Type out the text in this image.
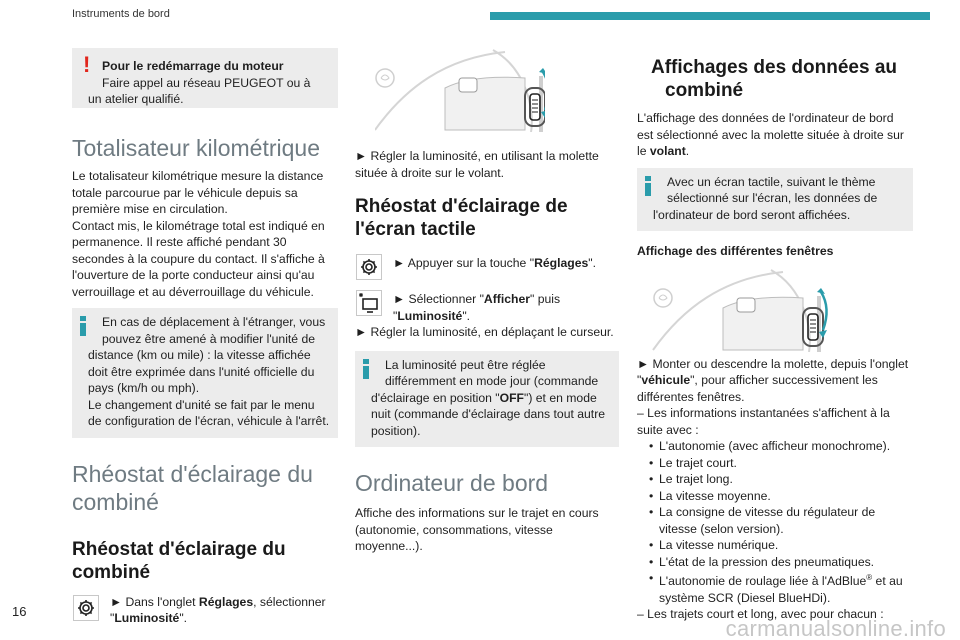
Instruments de bord
! Pour le redémarrage du moteur

Faire appel au réseau PEUGEOT ou à

un atelier qualifié.

Totalisateur kilométrique

Le totalisateur kilométrique mesure la distance totale parcourue par le véhicule depuis sa première mise en circulation.

Contact mis, le kilométrage total est indiqué en permanence. Il reste affiché pendant 30 secondes à la coupure du contact. Il s'affiche à l'ouverture de la porte conducteur ainsi qu'au verrouillage et au déverrouillage du véhicule.

En cas de déplacement à l'étranger, vous pouvez être amené à modifier l'unité de

distance (km ou mile) : la vitesse affichée doit être exprimée dans l'unité officielle du pays (km/h ou mph).

Le changement d'unité se fait par le menu de configuration de l'écran, véhicule à l'arrêt.

Rhéostat d'éclairage du combiné
Rhéostat d'éclairage du combiné

► Dans l'onglet Réglages, sélectionner
"Luminosité".

► Régler la luminosité, en utilisant la molette située à droite sur le volant.

Rhéostat d'éclairage de l'écran tactile

► Appuyer sur la touche "Réglages".

► Sélectionner "Afficher" puis
"Luminosité".

► Régler la luminosité, en déplaçant le curseur.

La luminosité peut être réglée différemment en mode jour (commande

d'éclairage en position "OFF") et en mode nuit (commande d'éclairage dans tout autre position).

Ordinateur de bord

Affiche des informations sur le trajet en cours (autonomie, consommations, vitesse moyenne...).

Affichages des données au combiné

L'affichage des données de l'ordinateur de bord est sélectionné avec la molette située à droite sur le volant.

Avec un écran tactile, suivant le thème sélectionné sur l'écran, les données de

l'ordinateur de bord seront affichées.

Affichage des différentes fenêtres

► Monter ou descendre la molette, depuis l'onglet "véhicule", pour afficher successivement les différentes fenêtres.

– Les informations instantanées s'affichent à la suite avec :

• L'autonomie (avec afficheur monochrome).

• Le trajet court.

• Le trajet long.

• La vitesse moyenne.

• La consigne de vitesse du régulateur de vitesse (selon version).

• La vitesse numérique.

• L'état de la pression des pneumatiques.

• L'autonomie de roulage liée à l'AdBlue® et au système SCR (Diesel BlueHDi).

– Les trajets court et long, avec pour chacun :

16
carmanualsonline.info
